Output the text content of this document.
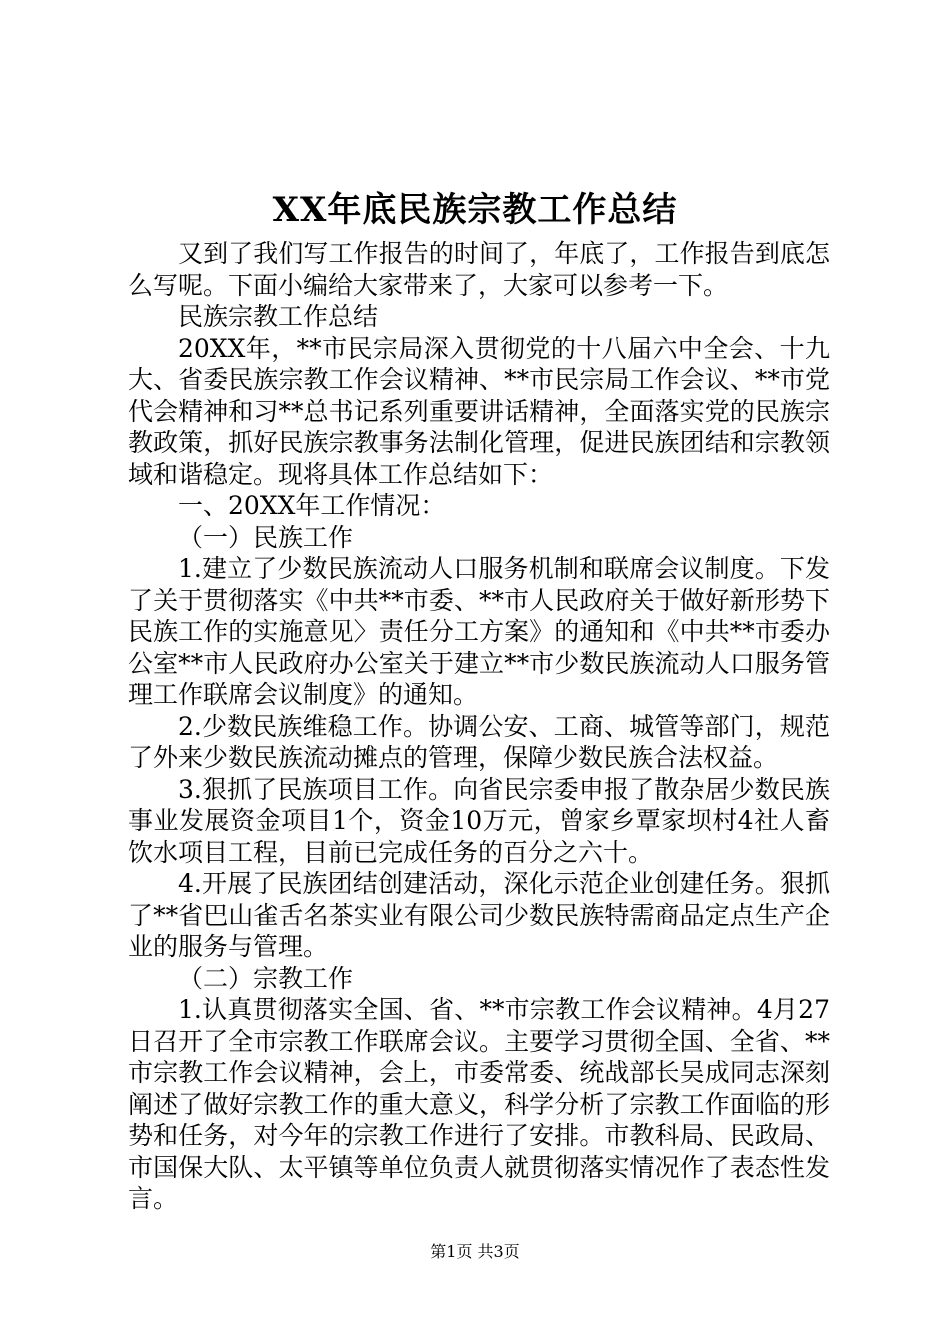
XX年底民族宗教工作总结

又到了我们写工作报告的时间了，年底了，工作报告到底怎么写呢。下面小编给大家带来了，大家可以参考一下。

民族宗教工作总结

20XX年，**市民宗局深入贯彻党的十八届六中全会、十九大、省委民族宗教工作会议精神、**市民宗局工作会议、**市党代会精神和习**总书记系列重要讲话精神，全面落实党的民族宗教政策，抓好民族宗教事务法制化管理，促进民族团结和宗教领域和谐稳定。现将具体工作总结如下：

一、20XX年工作情况：

（一）民族工作

1.建立了少数民族流动人口服务机制和联席会议制度。下发了关于贯彻落实《中共**市委、**市人民政府关于做好新形势下民族工作的实施意见〉责任分工方案》的通知和《中共**市委办公室**市人民政府办公室关于建立**市少数民族流动人口服务管理工作联席会议制度》的通知。

2.少数民族维稳工作。协调公安、工商、城管等部门，规范了外来少数民族流动摊点的管理，保障少数民族合法权益。

3.狠抓了民族项目工作。向省民宗委申报了散杂居少数民族事业发展资金项目1个，资金10万元，曾家乡覃家坝村4社人畜饮水项目工程，目前已完成任务的百分之六十。

4.开展了民族团结创建活动，深化示范企业创建任务。狠抓了**省巴山雀舌名茶实业有限公司少数民族特需商品定点生产企业的服务与管理。

（二）宗教工作

1.认真贯彻落实全国、省、**市宗教工作会议精神。4月27日召开了全市宗教工作联席会议。主要学习贯彻全国、全省、**市宗教工作会议精神，会上，市委常委、统战部长吴成同志深刻阐述了做好宗教工作的重大意义，科学分析了宗教工作面临的形势和任务，对今年的宗教工作进行了安排。市教科局、民政局、市国保大队、太平镇等单位负责人就贯彻落实情况作了表态性发言。

第1页 共3页
